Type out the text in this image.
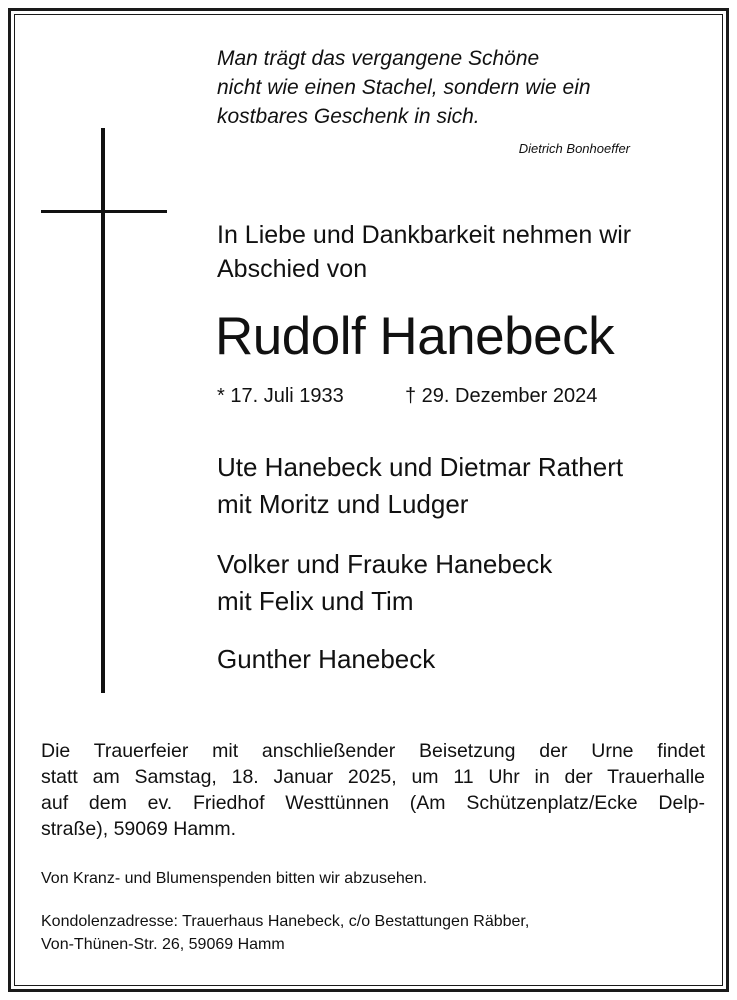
Man trägt das vergangene Schöne
nicht wie einen Stachel, sondern wie ein
kostbares Geschenk in sich.
Dietrich Bonhoeffer
In Liebe und Dankbarkeit nehmen wir
Abschied von
Rudolf Hanebeck
* 17. Juli 1933	† 29. Dezember 2024
Ute Hanebeck und Dietmar Rathert
mit Moritz und Ludger
Volker und Frauke Hanebeck
mit Felix und Tim
Gunther Hanebeck
Die Trauerfeier mit anschließender Beisetzung der Urne findet
statt am Samstag, 18. Januar 2025, um 11 Uhr in der Trauerhalle
auf dem ev. Friedhof Westtünnen (Am Schützenplatz/Ecke Delp-
straße), 59069 Hamm.
Von Kranz- und Blumenspenden bitten wir abzusehen.
Kondolenzadresse: Trauerhaus Hanebeck, c/o Bestattungen Räbber,
Von-Thünen-Str. 26, 59069 Hamm
